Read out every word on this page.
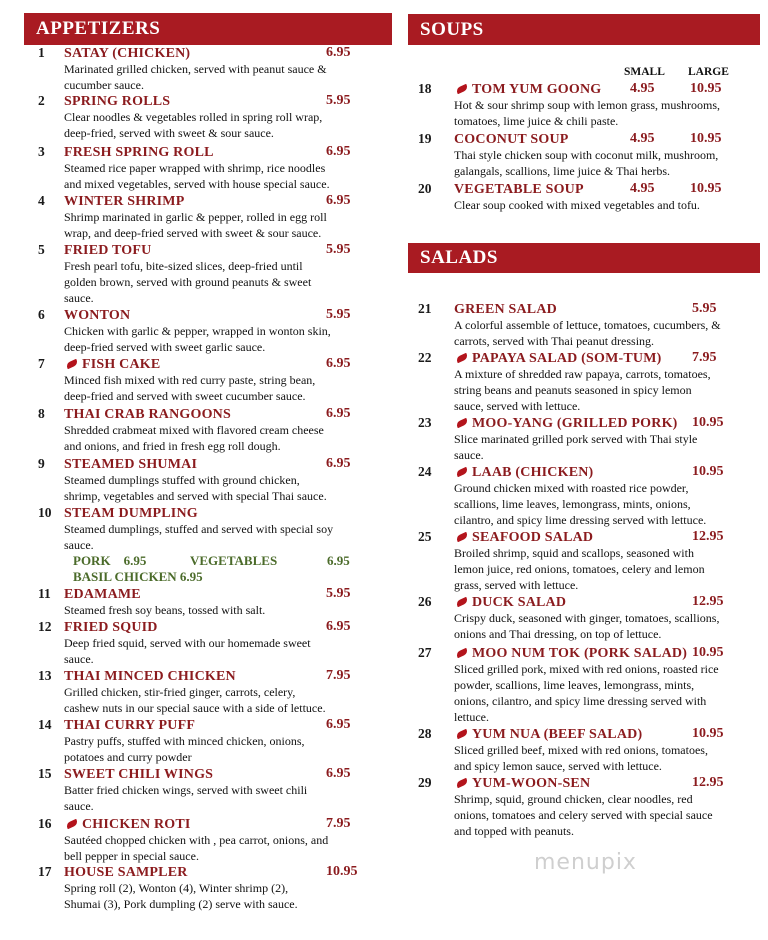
APPETIZERS	SOUPS
SALADS
SMALL LARGE
1	SATAY (CHICKEN)	6.95

Marinated grilled chicken, served with peanut sauce &

cucumber sauce.

2	SPRING ROLLS	5.95

Clear noodles & vegetables rolled in spring roll wrap,

deep-fried, served with sweet & sour sauce.

3	FRESH SPRING ROLL	6.95

Steamed rice paper wrapped with shrimp, rice noodles

and mixed vegetables, served with house special sauce.

4	WINTER SHRIMP	6.95

Shrimp marinated in garlic & pepper, rolled in egg roll

wrap, and deep-fried served with sweet & sour sauce.

5	FRIED TOFU	5.95

Fresh pearl tofu, bite-sized slices, deep-fried until

golden brown, served with ground peanuts & sweet

sauce.

6	WONTON	5.95

Chicken with garlic & pepper, wrapped in wonton skin,

deep-fried served with sweet garlic sauce.

7	FISH CAKE	6.95

Minced fish mixed with red curry paste, string bean,

deep-fried and served with sweet cucumber sauce.

8	THAI CRAB RANGOONS	6.95

Shredded crabmeat mixed with flavored cream cheese

and onions, and fried in fresh egg roll dough.

9	STEAMED SHUMAI	6.95

Steamed dumplings stuffed with ground chicken,

shrimp, vegetables and served with special Thai sauce.

10 STEAM DUMPLING

Steamed dumplings, stuffed and served with special soy

sauce.

11 EDAMAME	5.95

Steamed fresh soy beans, tossed with salt.

12 FRIED SQUID	6.95

Deep fried squid, served with our homemade sweet

sauce.

13 THAI MINCED CHICKEN	7.95

Grilled chicken, stir-fried ginger, carrots, celery,

cashew nuts in our special sauce with a side of lettuce.

14 THAI CURRY PUFF	6.95

Pastry puffs, stuffed with minced chicken, onions,

potatoes and curry powder

15 SWEET CHILI WINGS	6.95

Batter fried chicken wings, served with sweet chili

sauce.

16	CHICKEN ROTI	7.95

Sautéed chopped chicken with , pea carrot, onions, and

bell pepper in special sauce.

17 HOUSE SAMPLER	10.95

Spring roll (2), Wonton (4), Winter shrimp (2),

Shumai (3), Pork dumpling (2) serve with sauce.

18	TOM YUM GOONG 4.95	10.95

Hot & sour shrimp soup with lemon grass, mushrooms,

tomatoes, lime juice & chili paste.

19	COCONUT SOUP	4.95	10.95

Thai style chicken soup with coconut milk, mushroom,

galangals, scallions, lime juice & Thai herbs.

20	VEGETABLE SOUP	4.95	10.95

Clear soup cooked with mixed vegetables and tofu.

21	GREEN SALAD	5.95

A colorful assemble of lettuce, tomatoes, cucumbers, &

carrots, served with Thai peanut dressing.

22	PAPAYA SALAD (SOM-TUM) 7.95

A mixture of shredded raw papaya, carrots, tomatoes,

string beans and peanuts seasoned in spicy lemon

sauce, served with lettuce.

23	MOO-YANG (GRILLED PORK) 10.95

Slice marinated grilled pork served with Thai style

sauce.

24	LAAB (CHICKEN)	10.95

Ground chicken mixed with roasted rice powder,

scallions, lime leaves, lemongrass, mints, onions,

cilantro, and spicy lime dressing served with lettuce.

25	SEAFOOD SALAD	12.95

Broiled shrimp, squid and scallops, seasoned with

lemon juice, red onions, tomatoes, celery and lemon

grass, served with lettuce.

26	DUCK SALAD	12.95

Crispy duck, seasoned with ginger, tomatoes, scallions,

onions and Thai dressing, on top of lettuce.

27	MOO NUM TOK (PORK SALAD) 10.95

Sliced grilled pork, mixed with red onions, roasted rice

powder, scallions, lime leaves, lemongrass, mints,

onions, cilantro, and spicy lime dressing served with

lettuce.

28	YUM NUA (BEEF SALAD)	10.95

Sliced grilled beef, mixed with red onions, tomatoes,

and spicy lemon sauce, served with lettuce.

29	YUM-WOON-SEN	12.95

Shrimp, squid, ground chicken, clear noodles, red

onions, tomatoes and celery served with special sauce

and topped with peanuts.

PORK 6.95	VEGETABLES	6.95
BASIL CHICKEN 6.95
menupix
